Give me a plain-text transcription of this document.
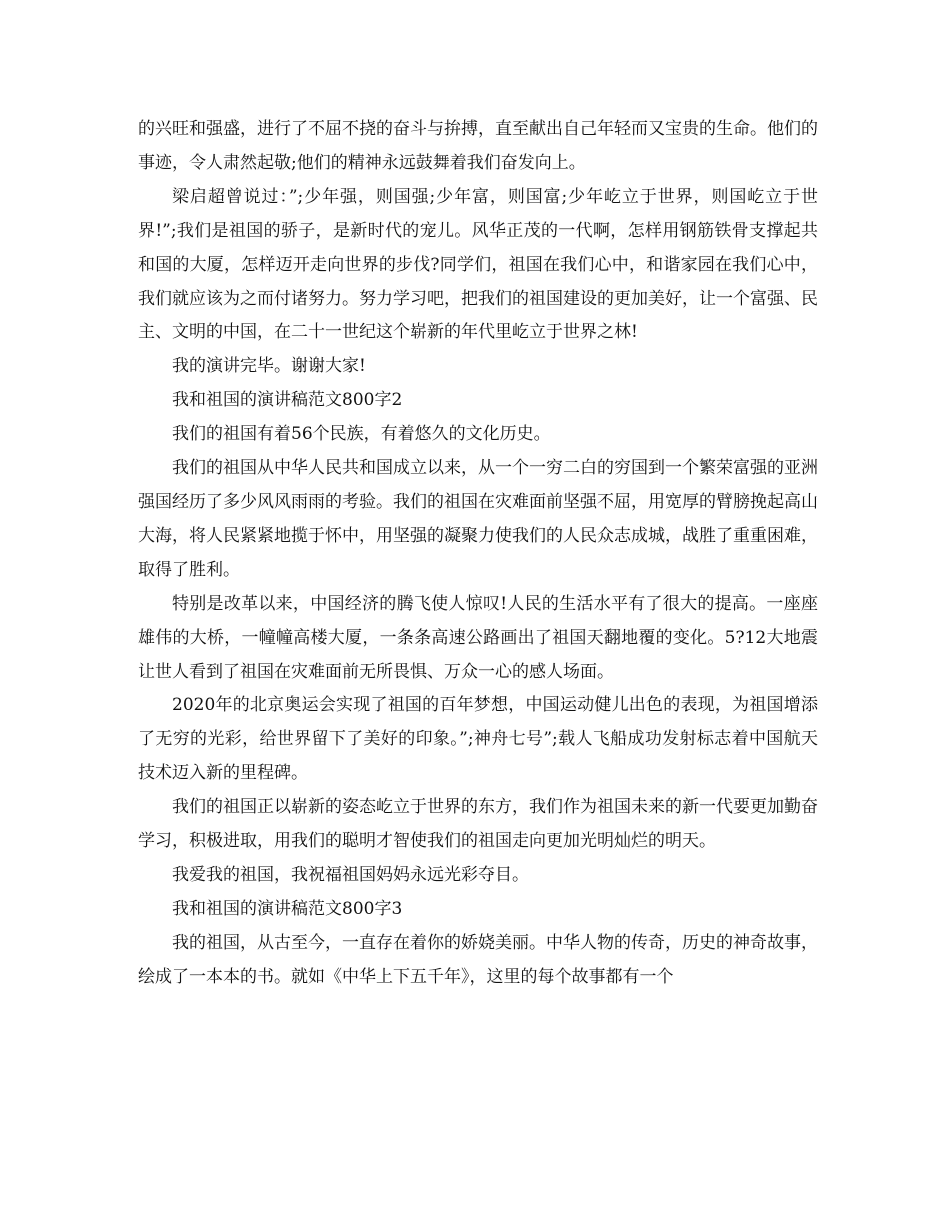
的兴旺和强盛，进行了不屈不挠的奋斗与拚搏，直至献出自己年轻而又宝贵的生命。他们的事迹，令人肃然起敬;他们的精神永远鼓舞着我们奋发向上。

梁启超曾说过：”;少年强，则国强;少年富，则国富;少年屹立于世界，则国屹立于世界!”;我们是祖国的骄子，是新时代的宠儿。风华正茂的一代啊，怎样用钢筋铁骨支撑起共和国的大厦，怎样迈开走向世界的步伐?同学们，祖国在我们心中，和谐家园在我们心中，我们就应该为之而付诸努力。努力学习吧，把我们的祖国建设的更加美好，让一个富强、民主、文明的中国，在二十一世纪这个崭新的年代里屹立于世界之林!

我的演讲完毕。谢谢大家!

我和祖国的演讲稿范文800字2

我们的祖国有着56个民族，有着悠久的文化历史。

我们的祖国从中华人民共和国成立以来，从一个一穷二白的穷国到一个繁荣富强的亚洲强国经历了多少风风雨雨的考验。我们的祖国在灾难面前坚强不屈，用宽厚的臂膀挽起高山大海，将人民紧紧地揽于怀中，用坚强的凝聚力使我们的人民众志成城，战胜了重重困难，取得了胜利。

特别是改革以来，中国经济的腾飞使人惊叹!人民的生活水平有了很大的提高。一座座雄伟的大桥，一幢幢高楼大厦，一条条高速公路画出了祖国天翻地覆的变化。5?12大地震让世人看到了祖国在灾难面前无所畏惧、万众一心的感人场面。

2020年的北京奥运会实现了祖国的百年梦想，中国运动健儿出色的表现，为祖国增添了无穷的光彩，给世界留下了美好的印象。”;神舟七号”;载人飞船成功发射标志着中国航天技术迈入新的里程碑。

我们的祖国正以崭新的姿态屹立于世界的东方，我们作为祖国未来的新一代要更加勤奋学习，积极进取，用我们的聪明才智使我们的祖国走向更加光明灿烂的明天。

我爱我的祖国，我祝福祖国妈妈永远光彩夺目。

我和祖国的演讲稿范文800字3

我的祖国，从古至今，一直存在着你的娇娆美丽。中华人物的传奇，历史的神奇故事，绘成了一本本的书。就如《中华上下五千年》，这里的每个故事都有一个
